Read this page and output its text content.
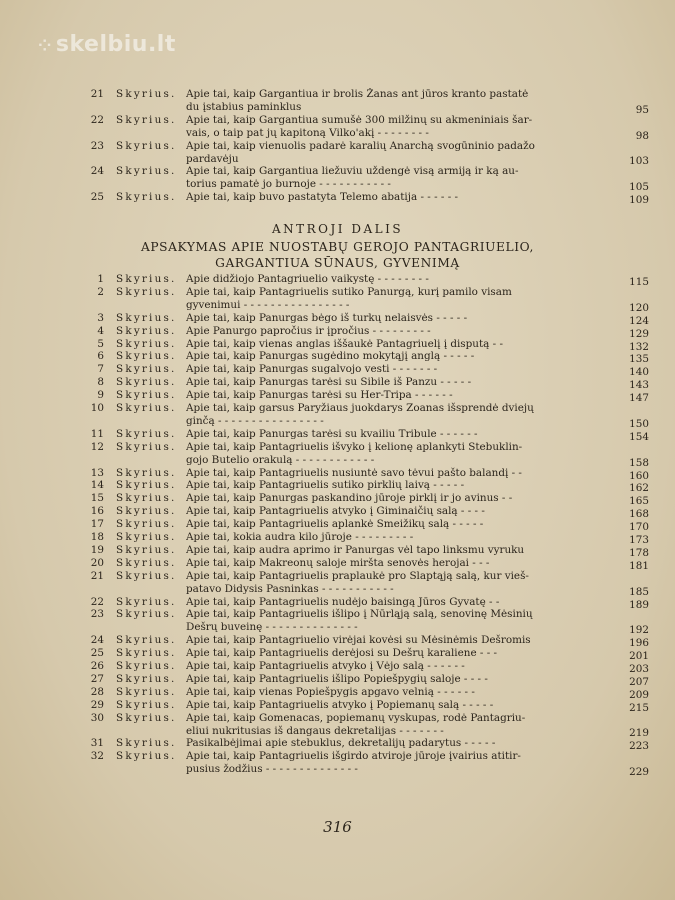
⁘ skelbiu.lt
21 Skyrius. Apie tai, kaip Gargantiua ir brolis Žanas ant jūros kranto pastatė
du įstabius paminklus	95
22 Skyrius. Apie tai, kaip Gargantiua sumušė 300 milžinų su akmeniniais šar-
vais, o taip pat jų kapitoną Vilko'akį - - - - - - - -	98
23 Skyrius. Apie tai, kaip vienuolis padarė karalių Anarchą svogūninio padažo
pardavėju	103
24 Skyrius. Apie tai, kaip Gargantiua liežuviu uždengė visą armiją ir ką au-
torius pamatė jo burnoje - - - - - - - - - - -	105
25 Skyrius. Apie tai, kaip buvo pastatyta Telemo abatija - - - - - -	109
1 Skyrius. Apie didžiojo Pantagriuelio vaikystę - - - - - - - -	115
2 Skyrius. Apie tai, kaip Pantagriuelis sutiko Panurgą, kurį pamilo visam
gyvenimui - - - - - - - - - - - - - - - -	120
3 Skyrius. Apie tai, kaip Panurgas bėgo iš turkų nelaisvės - - - - -	124
4 Skyrius. Apie Panurgo papročius ir įpročius - - - - - - - - -	129
5 Skyrius. Apie tai, kaip vienas anglas iššaukė Pantagriuelį į disputą - -	132
6 Skyrius. Apie tai, kaip Panurgas sugėdino mokytąjį anglą - - - - -	135
7 Skyrius. Apie tai, kaip Panurgas sugalvojo vesti - - - - - - -	140
8 Skyrius. Apie tai, kaip Panurgas tarėsi su Sibile iš Panzu - - - - -	143
9 Skyrius. Apie tai, kaip Panurgas tarėsi su Her-Tripa - - - - - -	147
10 Skyrius. Apie tai, kaip garsus Paryžiaus juokdarys Zoanas išsprendė dviejų
ginčą - - - - - - - - - - - - - - - -	150
11 Skyrius. Apie tai, kaip Panurgas tarėsi su kvailiu Tribule - - - - - -	154
12 Skyrius. Apie tai, kaip Pantagriuelis išvyko į kelionę aplankyti Stebuklin-
gojo Butelio orakulą - - - - - - - - - - - -	158
13 Skyrius. Apie tai, kaip Pantagriuelis nusiuntė savo tėvui pašto balandį - -	160
14 Skyrius. Apie tai, kaip Pantagriuelis sutiko pirklių laivą - - - - -	162
15 Skyrius. Apie tai, kaip Panurgas paskandino jūroje pirklį ir jo avinus - -	165
16 Skyrius. Apie tai, kaip Pantagriuelis atvyko į Giminaičių salą - - - -	168
17 Skyrius. Apie tai, kaip Pantagriuelis aplankė Smeižikų salą - - - - -	170
18 Skyrius. Apie tai, kokia audra kilo jūroje - - - - - - - - -	173
19 Skyrius. Apie tai, kaip audra aprimo ir Panurgas vėl tapo linksmu vyruku	178
20 Skyrius. Apie tai, kaip Makreonų saloje miršta senovės herojai - - -	181
21 Skyrius. Apie tai, kaip Pantagriuelis praplaukė pro Slaptąją salą, kur vieš-
patavo Didysis Pasninkas - - - - - - - - - - -	185
22 Skyrius. Apie tai, kaip Pantagriuelis nudėjo baisingą Jūros Gyvatę - -	189
23 Skyrius. Apie tai, kaip Pantagriuelis išlipo į Nūrląją salą, senovinę Mėsinių
Dešrų buveinę - - - - - - - - - - - - - -	192
24 Skyrius. Apie tai, kaip Pantagriuelio virėjai kovėsi su Mėsinėmis Dešromis	196
25 Skyrius. Apie tai, kaip Pantagriuelis derėjosi su Dešrų karaliene - - -	201
26 Skyrius. Apie tai, kaip Pantagriuelis atvyko į Vėjo salą - - - - - -	203
27 Skyrius. Apie tai, kaip Pantagriuelis išlipo Popiešpygių saloje - - - -	207
28 Skyrius. Apie tai, kaip vienas Popiešpygis apgavo velnią - - - - - -	209
29 Skyrius. Apie tai, kaip Pantagriuelis atvyko į Popiemanų salą - - - - -	215
30 Skyrius. Apie tai, kaip Gomenacas, popiemanų vyskupas, rodė Pantagriu-
eliui nukritusias iš dangaus dekretalijas - - - - - - -	219
31 Skyrius. Pasikalbėjimai apie stebuklus, dekretalijų padarytus - - - - -	223
32 Skyrius. Apie tai, kaip Pantagriuelis išgirdo atviroje jūroje įvairius atitir-
pusius žodžius - - - - - - - - - - - - - -	229
ANTROJI DALIS
APSAKYMAS APIE NUOSTABŲ GEROJO PANTAGRIUELIO,
GARGANTIUA SŪNAUS, GYVENIMĄ
316
